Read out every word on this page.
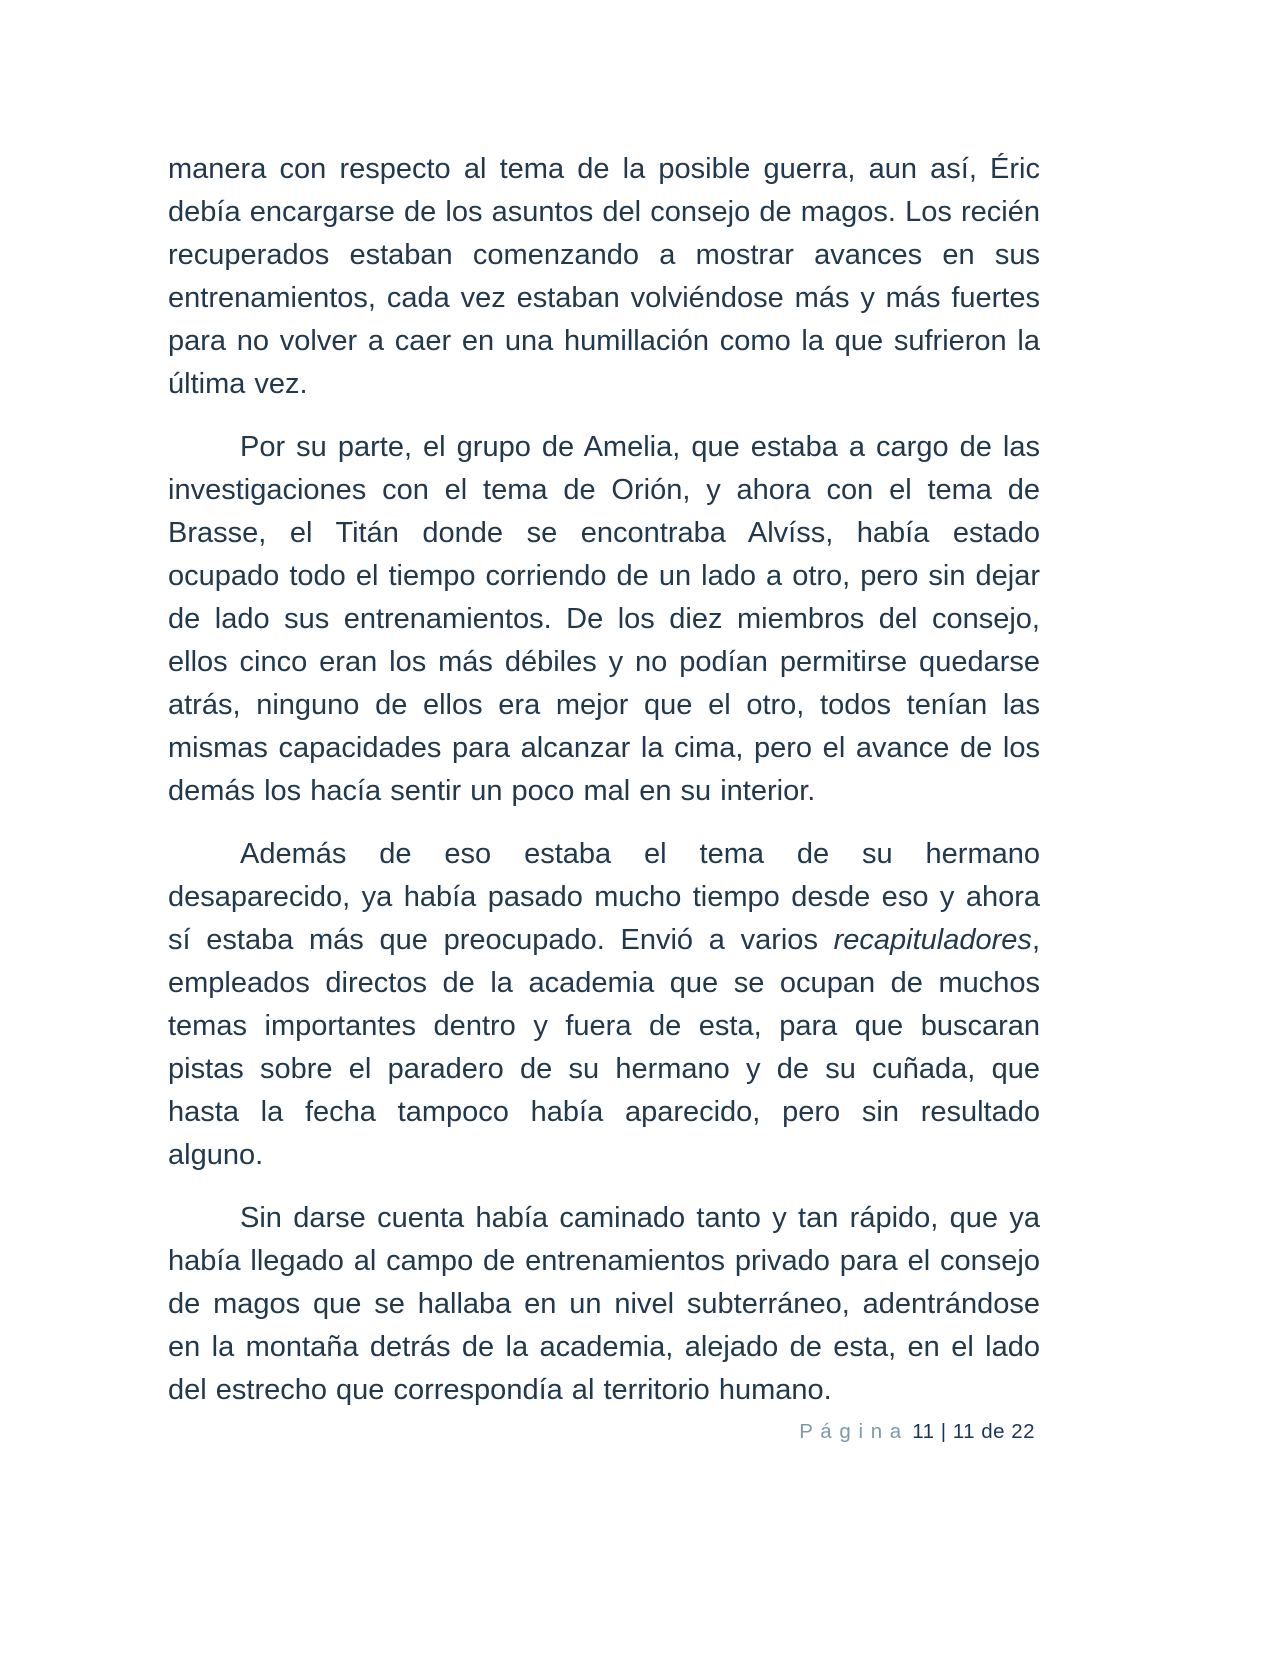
manera con respecto al tema de la posible guerra, aun así, Éric debía encargarse de los asuntos del consejo de magos. Los recién recuperados estaban comenzando a mostrar avances en sus entrenamientos, cada vez estaban volviéndose más y más fuertes para no volver a caer en una humillación como la que sufrieron la última vez.

Por su parte, el grupo de Amelia, que estaba a cargo de las investigaciones con el tema de Orión, y ahora con el tema de Brasse, el Titán donde se encontraba Alvíss, había estado ocupado todo el tiempo corriendo de un lado a otro, pero sin dejar de lado sus entrenamientos. De los diez miembros del consejo, ellos cinco eran los más débiles y no podían permitirse quedarse atrás, ninguno de ellos era mejor que el otro, todos tenían las mismas capacidades para alcanzar la cima, pero el avance de los demás los hacía sentir un poco mal en su interior.

Además de eso estaba el tema de su hermano desaparecido, ya había pasado mucho tiempo desde eso y ahora sí estaba más que preocupado. Envió a varios recapituladores, empleados directos de la academia que se ocupan de muchos temas importantes dentro y fuera de esta, para que buscaran pistas sobre el paradero de su hermano y de su cuñada, que hasta la fecha tampoco había aparecido, pero sin resultado alguno.

Sin darse cuenta había caminado tanto y tan rápido, que ya había llegado al campo de entrenamientos privado para el consejo de magos que se hallaba en un nivel subterráneo, adentrándose en la montaña detrás de la academia, alejado de esta, en el lado del estrecho que correspondía al territorio humano.

P á g i n a 11 | 11 de 22
